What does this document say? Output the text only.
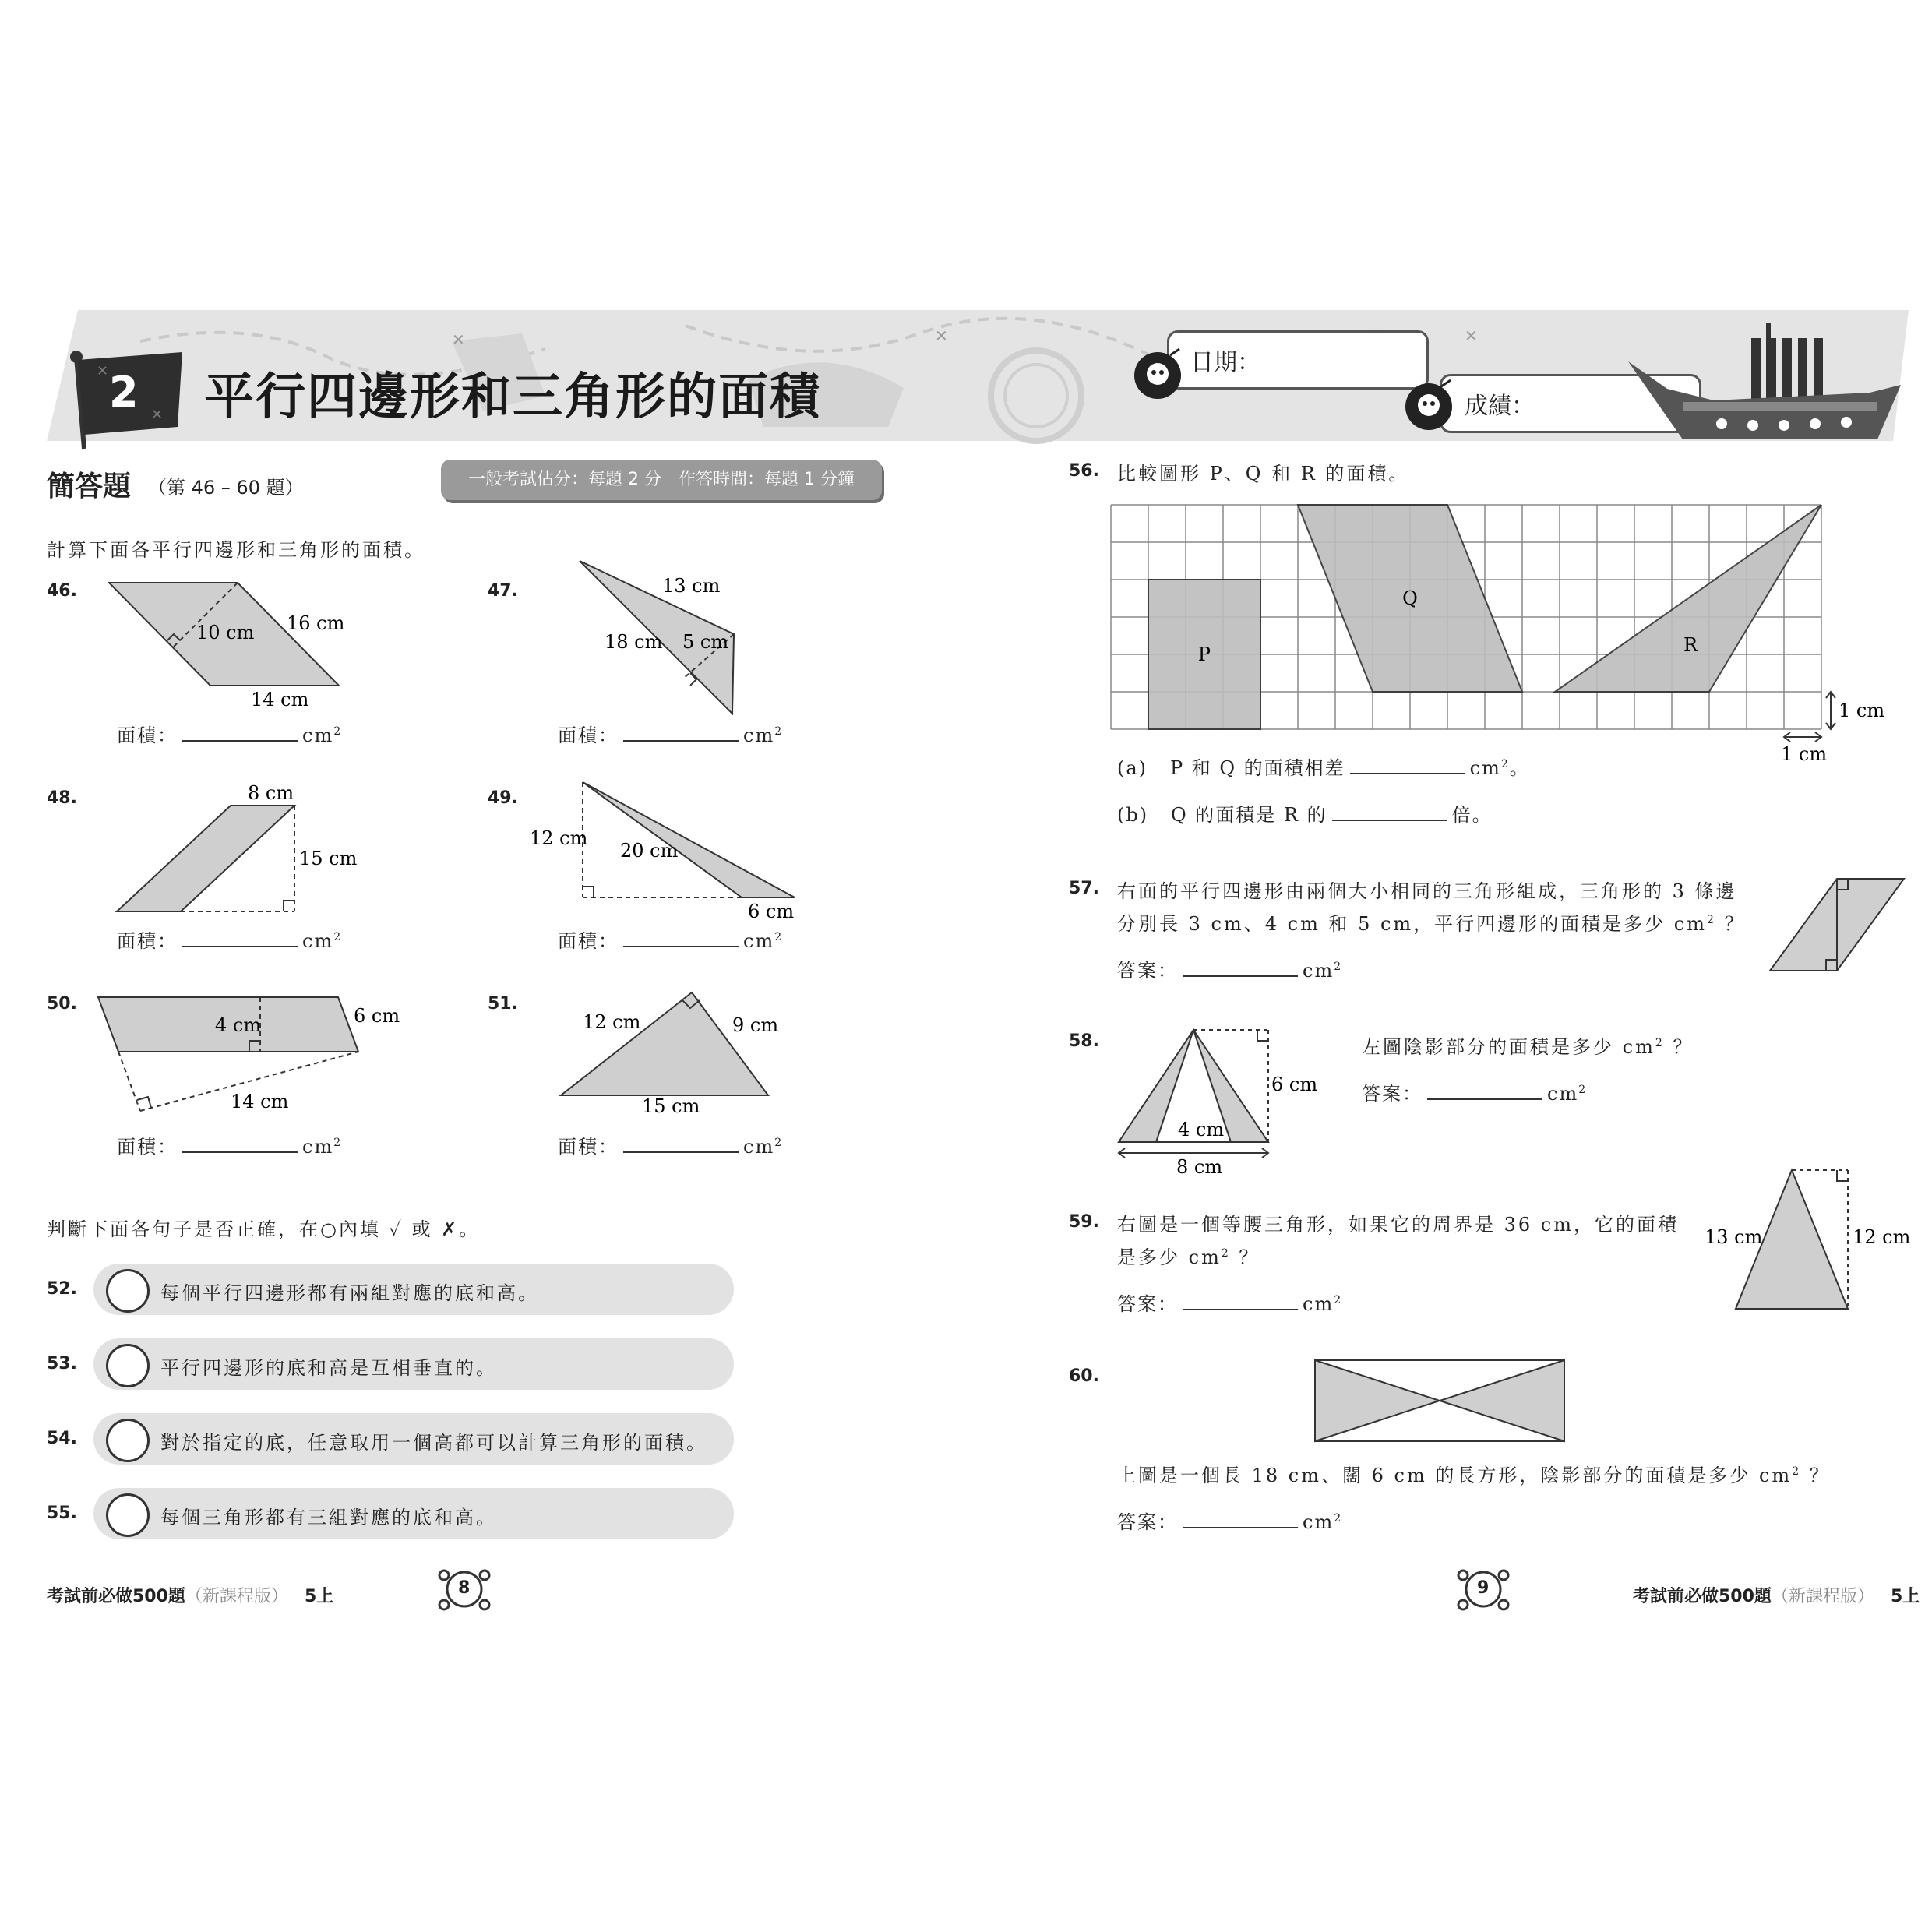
✕	✕	✕
✕
✕
2 平行四邊形和三角形的面積
日期：
成績：
簡答題 （第 46 – 60 題）	一般考試佔分：每題 2 分　作答時間：每題 1 分鐘
計算下面各平行四邊形和三角形的面積。
46.
10 cm 16 cm
14 cm
面積：	$cm^2$
47.	13 cm
18 cm 5 cm
面積：	$cm^2$
48.	8 cm
15 cm
面積：	$cm^2$
49.
12 cm
20 cm
6 cm
面積：	$cm^2$
50.
4 cm	6 cm
14 cm
面積：	$cm^2$
51.
12 cm	9 cm
15 cm
面積：	$cm^2$
判斷下面各句子是否正確，在○內填 ✓ 或 ✗。
52.	每個平行四邊形都有兩組對應的底和高。
53.	平行四邊形的底和高是互相垂直的。
54.	對於指定的底，任意取用一個高都可以計算三角形的面積。
55.	每個三角形都有三組對應的底和高。
考試前必做500題（新課程版） 5上	8
56. 比較圖形 P、Q 和 R 的面積。
P
Q
R
1 cm
1 cm
(a) P 和 Q 的面積相差	$cm^2$。
(b) Q 的面積是 R 的	倍。
57. 右面的平行四邊形由兩個大小相同的三角形組成，三角形的 3 條邊
分別長 3 cm、4 cm 和 5 cm，平行四邊形的面積是多少 $cm^2$ ？
答案：	$cm^2$
58.
6 cm
4 cm
8 cm
左圖陰影部分的面積是多少 $cm^2$ ？
答案：	$cm^2$
59. 右圖是一個等腰三角形，如果它的周界是 36 cm，它的面積
是多少 $cm^2$ ？
答案：	$cm^2$
13 cm	12 cm
60.
上圖是一個長 18 cm、闊 6 cm 的長方形，陰影部分的面積是多少 $cm^2$ ？
答案：	$cm^2$
9	考試前必做500題（新課程版） 5上
